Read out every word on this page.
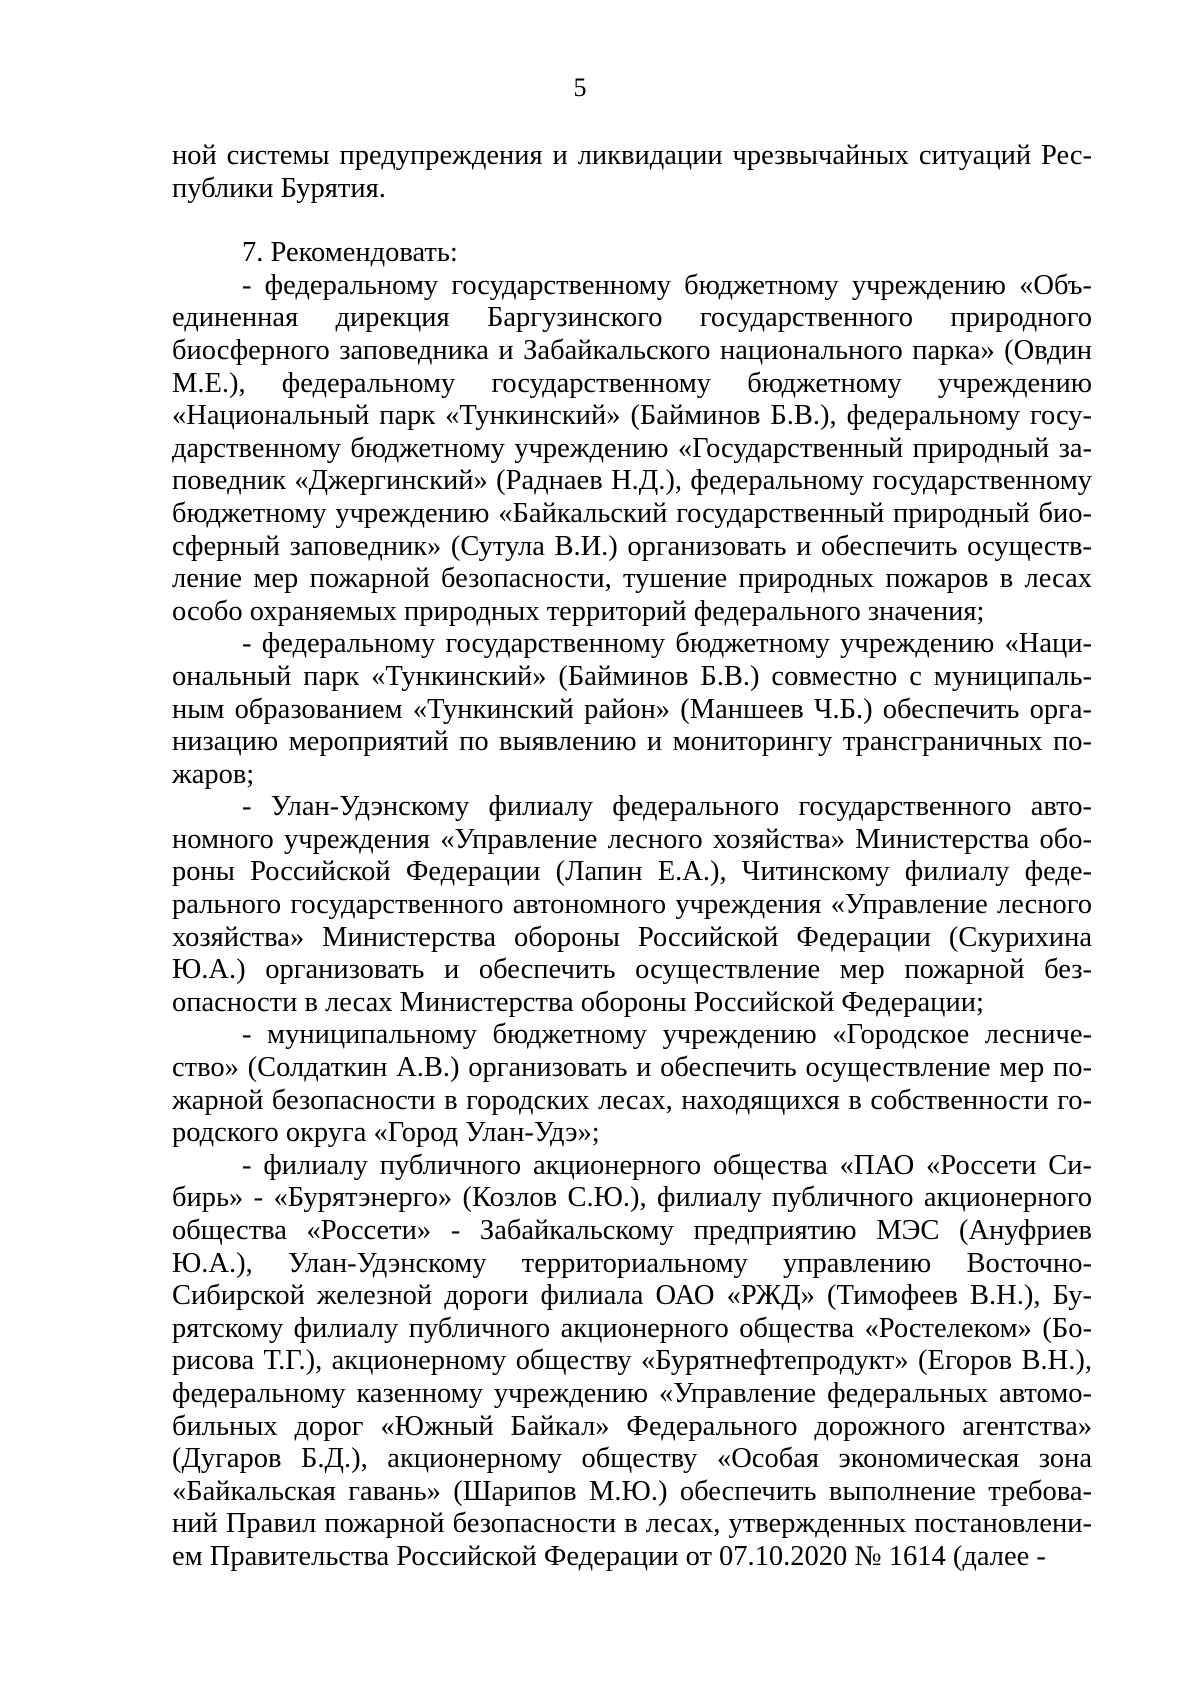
5

ной системы предупреждения и ликвидации чрезвычайных ситуаций Республики Бурятия.

7. Рекомендовать:

- федеральному государственному бюджетному учреждению «Объединенная дирекция Баргузинского государственного природного биосферного заповедника и Забайкальского национального парка» (Овдин М.Е.), федеральному государственному бюджетному учреждению «Национальный парк «Тункинский» (Байминов Б.В.), федеральному государственному бюджетному учреждению «Государственный природный заповедник «Джергинский» (Раднаев Н.Д.), федеральному государственному бюджетному учреждению «Байкальский государственный природный биосферный заповедник» (Сутула В.И.) организовать и обеспечить осуществление мер пожарной безопасности, тушение природных пожаров в лесах особо охраняемых природных территорий федерального значения;

- федеральному государственному бюджетному учреждению «Национальный парк «Тункинский» (Байминов Б.В.) совместно с муниципальным образованием «Тункинский район» (Маншеев Ч.Б.) обеспечить организацию мероприятий по выявлению и мониторингу трансграничных пожаров;

- Улан-Удэнскому филиалу федерального государственного автономного учреждения «Управление лесного хозяйства» Министерства обороны Российской Федерации (Лапин Е.А.), Читинскому филиалу федерального государственного автономного учреждения «Управление лесного хозяйства» Министерства обороны Российской Федерации (Скурихина Ю.А.) организовать и обеспечить осуществление мер пожарной безопасности в лесах Министерства обороны Российской Федерации;

- муниципальному бюджетному учреждению «Городское лесничество» (Солдаткин А.В.) организовать и обеспечить осуществление мер пожарной безопасности в городских лесах, находящихся в собственности городского округа «Город Улан-Удэ»;

- филиалу публичного акционерного общества «ПАО «Россети Сибирь» - «Бурятэнерго» (Козлов С.Ю.), филиалу публичного акционерного общества «Россети» - Забайкальскому предприятию МЭС (Ануфриев Ю.А.), Улан-Удэнскому территориальному управлению Восточно-Сибирской железной дороги филиала ОАО «РЖД» (Тимофеев В.Н.), Бурятскому филиалу публичного акционерного общества «Ростелеком» (Борисова Т.Г.), акционерному обществу «Бурятнефтепродукт» (Егоров В.Н.), федеральному казенному учреждению «Управление федеральных автомобильных дорог «Южный Байкал» Федерального дорожного агентства» (Дугаров Б.Д.), акционерному обществу «Особая экономическая зона «Байкальская гавань» (Шарипов М.Ю.) обеспечить выполнение требований Правил пожарной безопасности в лесах, утвержденных постановлением Правительства Российской Федерации от 07.10.2020 № 1614 (далее -
